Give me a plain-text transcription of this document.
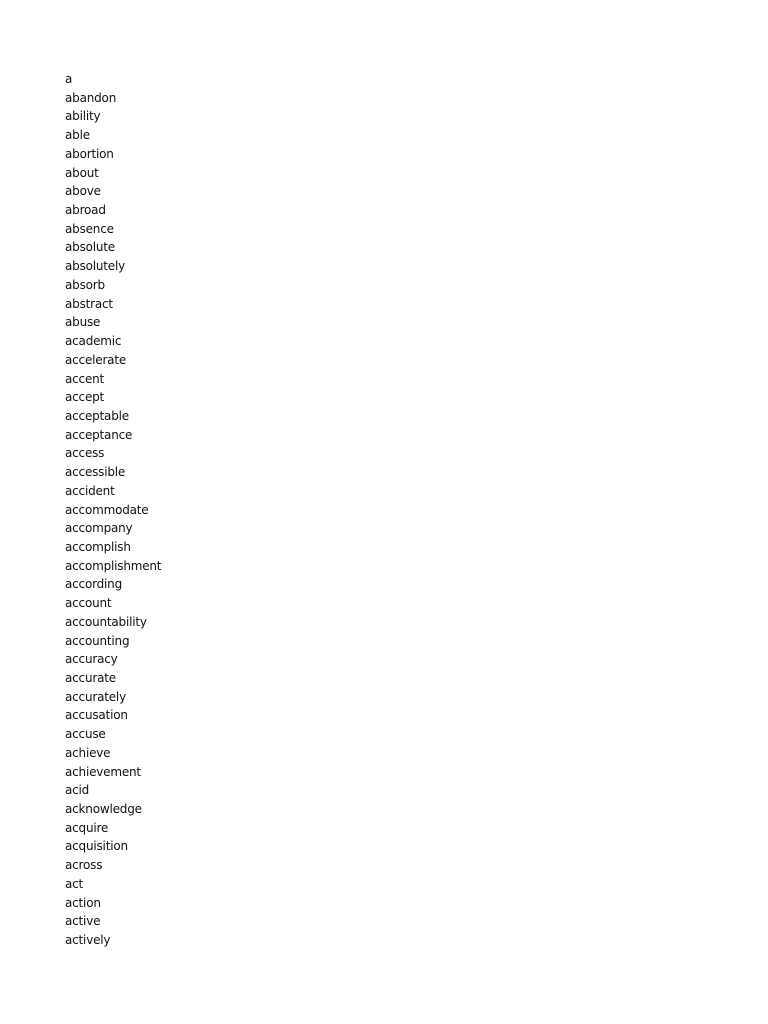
a
abandon
ability
able
abortion
about
above
abroad
absence
absolute
absolutely
absorb
abstract
abuse
academic
accelerate
accent
accept
acceptable
acceptance
access
accessible
accident
accommodate
accompany
accomplish
accomplishment
according
account
accountability
accounting
accuracy
accurate
accurately
accusation
accuse
achieve
achievement
acid
acknowledge
acquire
acquisition
across
act
action
active
actively
